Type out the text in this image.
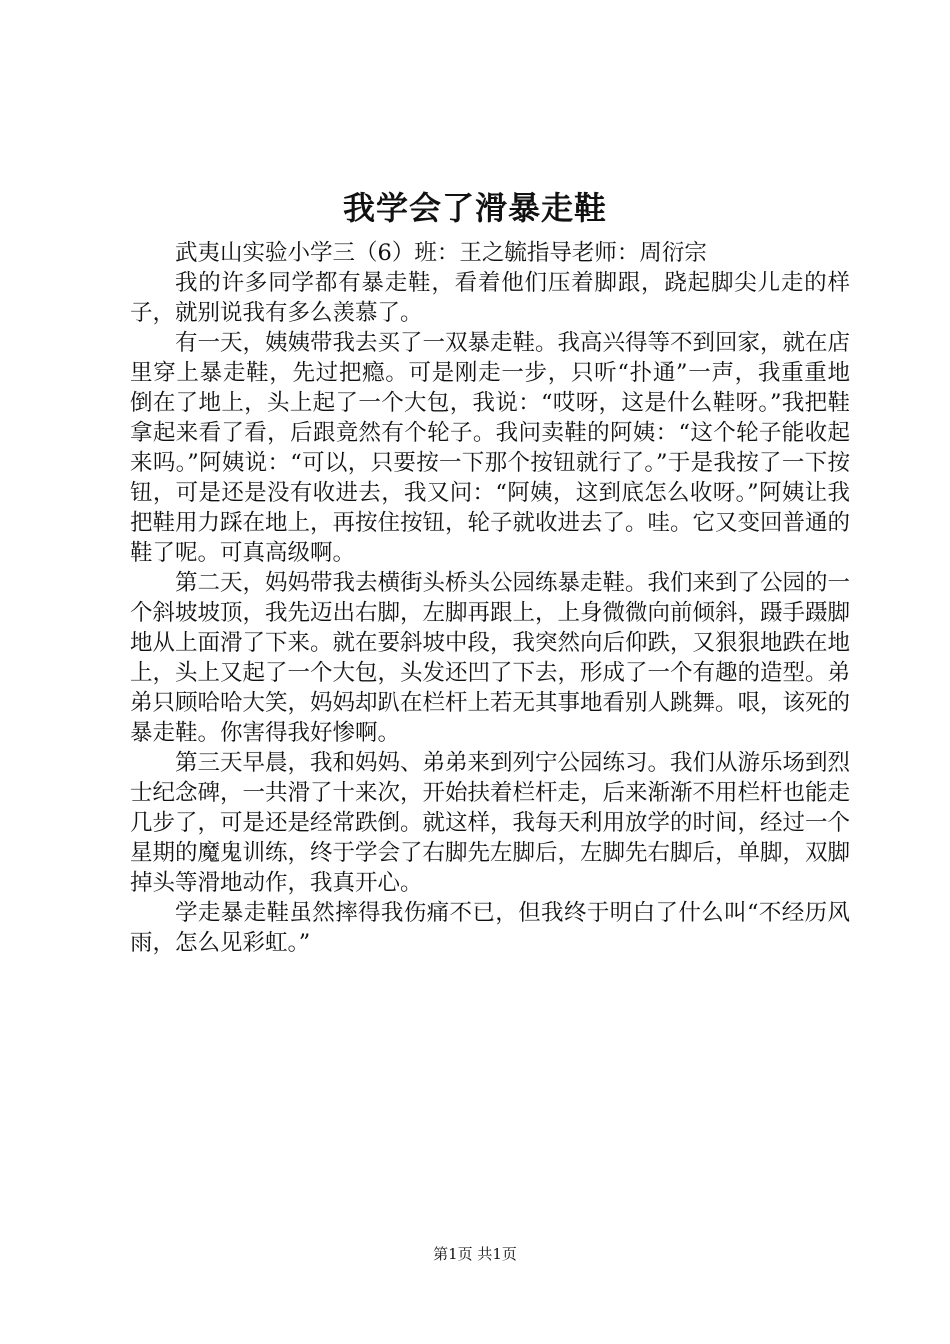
我学会了滑暴走鞋

武夷山实验小学三（6）班：王之毓指导老师：周衍宗

我的许多同学都有暴走鞋，看着他们压着脚跟，跷起脚尖儿走的样子，就别说我有多么羡慕了。

有一天，姨姨带我去买了一双暴走鞋。我高兴得等不到回家，就在店里穿上暴走鞋，先过把瘾。可是刚走一步，只听“扑通”一声，我重重地倒在了地上，头上起了一个大包，我说：“哎呀，这是什么鞋呀。”我把鞋拿起来看了看，后跟竟然有个轮子。我问卖鞋的阿姨：“这个轮子能收起来吗。”阿姨说：“可以，只要按一下那个按钮就行了。”于是我按了一下按钮，可是还是没有收进去，我又问：“阿姨，这到底怎么收呀。”阿姨让我把鞋用力踩在地上，再按住按钮，轮子就收进去了。哇。它又变回普通的鞋了呢。可真高级啊。

第二天，妈妈带我去横街头桥头公园练暴走鞋。我们来到了公园的一个斜坡坡顶，我先迈出右脚，左脚再跟上，上身微微向前倾斜，蹑手蹑脚地从上面滑了下来。就在要斜坡中段，我突然向后仰跌，又狠狠地跌在地上，头上又起了一个大包，头发还凹了下去，形成了一个有趣的造型。弟弟只顾哈哈大笑，妈妈却趴在栏杆上若无其事地看别人跳舞。哏，该死的暴走鞋。你害得我好惨啊。

第三天早晨，我和妈妈、弟弟来到列宁公园练习。我们从游乐场到烈士纪念碑，一共滑了十来次，开始扶着栏杆走，后来渐渐不用栏杆也能走几步了，可是还是经常跌倒。就这样，我每天利用放学的时间，经过一个星期的魔鬼训练，终于学会了右脚先左脚后，左脚先右脚后，单脚，双脚掉头等滑地动作，我真开心。

学走暴走鞋虽然摔得我伤痛不已，但我终于明白了什么叫“不经历风雨，怎么见彩虹。”

第1页 共1页
